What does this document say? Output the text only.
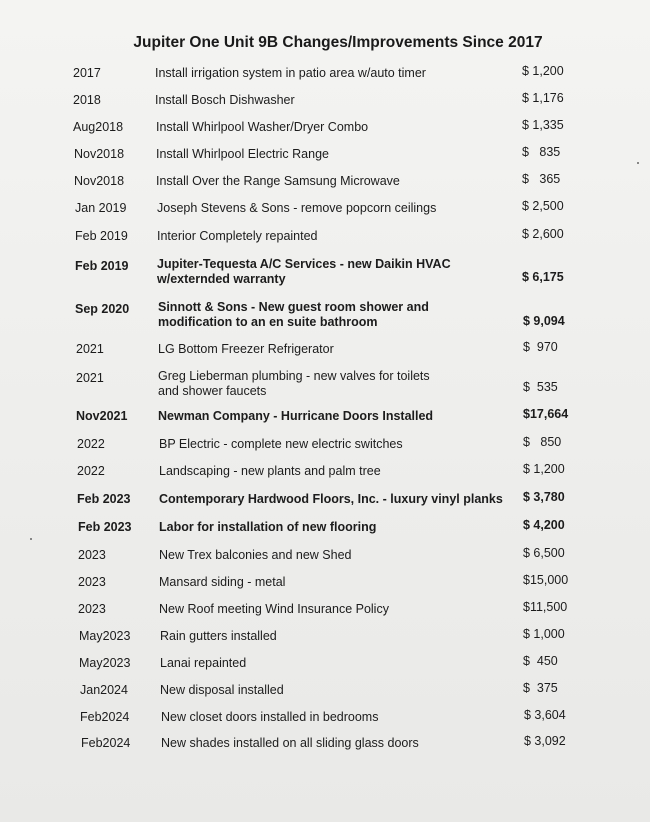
Jupiter One Unit 9B Changes/Improvements Since 2017
2017	Install irrigation system in patio area w/auto timer	$ 1,200
2018	Install Bosch Dishwasher	$ 1,176
Aug2018	Install Whirlpool Washer/Dryer Combo	$ 1,335
Nov2018	Install Whirlpool Electric Range	$   835
Nov2018	Install Over the Range Samsung Microwave	$   365
Jan 2019 Joseph Stevens & Sons - remove popcorn ceilings	$ 2,500
Feb 2019 Interior Completely repainted	$ 2,600
Feb 2019 Jupiter-Tequesta A/C Services - new Daikin HVAC
w/externded warranty	$ 6,175
Sep 2020 Sinnott & Sons - New guest room shower and
modification to an en suite bathroom	$ 9,094
2021	LG Bottom Freezer Refrigerator	$  970
2021	Greg Lieberman plumbing - new valves for toilets
and shower faucets	$  535
Nov2021 Newman Company - Hurricane Doors Installed	$17,664
2022	BP Electric - complete new electric switches	$   850
2022	Landscaping - new plants and palm tree	$ 1,200
Feb 2023 Contemporary Hardwood Floors, Inc. - luxury vinyl planks $ 3,780
Feb 2023 Labor for installation of new flooring	$ 4,200
2023	New Trex balconies and new Shed	$ 6,500
2023	Mansard siding - metal	$15,000
2023	New Roof meeting Wind Insurance Policy	$11,500
May2023 Rain gutters installed	$ 1,000
May2023 Lanai repainted	$  450
Jan2024	New disposal installed	$  375
Feb2024	New closet doors installed in bedrooms	$ 3,604
Feb2024 New shades installed on all sliding glass doors	$ 3,092
